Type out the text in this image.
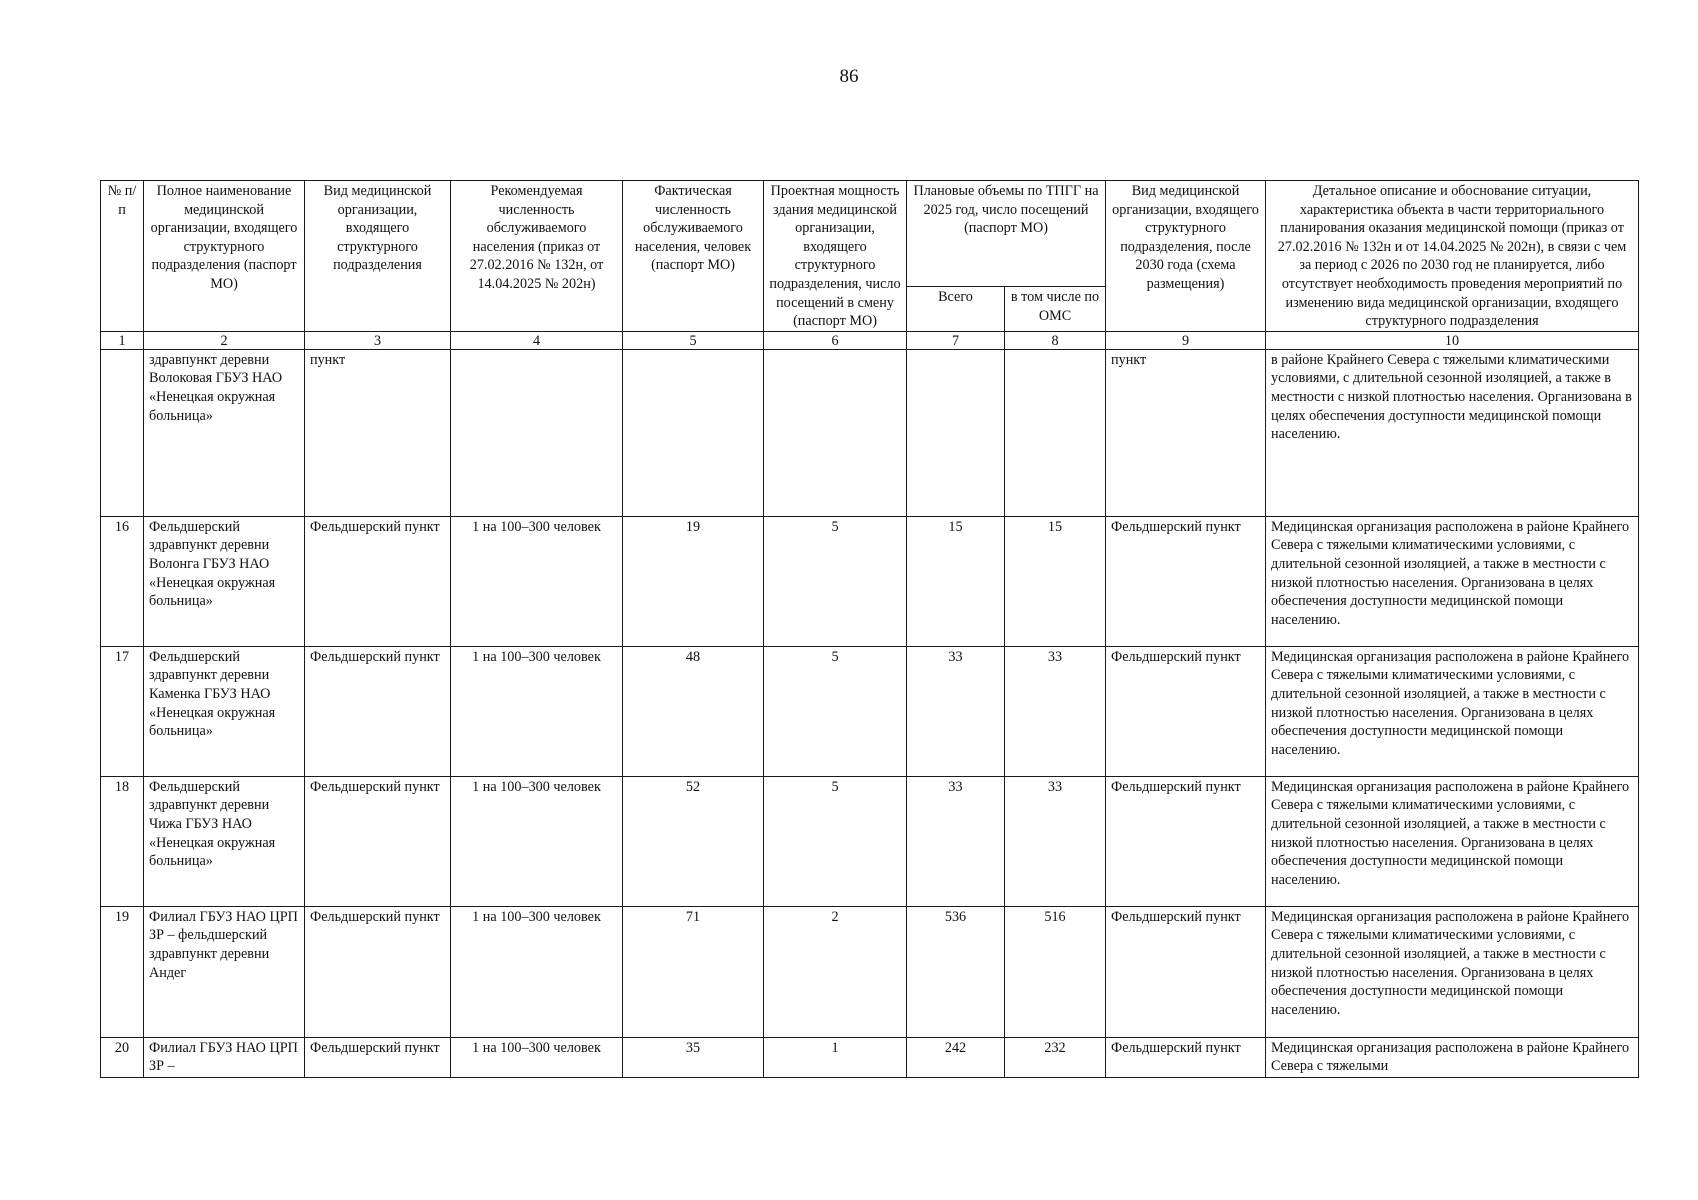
86
№ п/ п	Полное наименование медицинской организации, входящего структурного подразделения (паспорт МО)	Вид медицинской организации, входящего структурного подразделения	Рекомендуемая численность обслуживаемого населения (приказ от 27.02.2016 № 132н, от 14.04.2025 № 202н)	Фактическая численность обслуживаемого населения, человек (паспорт МО)	Проектная мощность здания медицинской организации, входящего структурного подразделения, число посещений в смену (паспорт МО)	Плановые объемы по ТПГГ на 2025 год, число посещений (паспорт МО)		Вид медицинской организации, входящего структурного подразделения, после 2030 года (схема размещения)	Детальное описание и обоснование ситуации, характеристика объекта в части территориального планирования оказания медицинской помощи (приказ от 27.02.2016 № 132н и от 14.04.2025 № 202н), в связи с чем за период с 2026 по 2030 год не планируется, либо отсутствует необходимость проведения мероприятий по изменению вида медицинской организации, входящего структурного подразделения
						Всего	в том числе по ОМС		
1	2	3	4	5	6	7	8	9	10
	здравпункт деревни Волоковая ГБУЗ НАО «Ненецкая окружная больница»	пункт						пункт	в районе Крайнего Севера с тяжелыми климатическими условиями, с длительной сезонной изоляцией, а также в местности с низкой плотностью населения. Организована в целях обеспечения доступности медицинской помощи населению.
16	Фельдшерский здравпункт деревни Волонга ГБУЗ НАО «Ненецкая окружная больница»	Фельдшерский пункт	1 на 100–300 человек	19	5	15	15	Фельдшерский пункт	Медицинская организация расположена в районе Крайнего Севера с тяжелыми климатическими условиями, с длительной сезонной изоляцией, а также в местности с низкой плотностью населения. Организована в целях обеспечения доступности медицинской помощи населению.
17	Фельдшерский здравпункт деревни Каменка ГБУЗ НАО «Ненецкая окружная больница»	Фельдшерский пункт	1 на 100–300 человек	48	5	33	33	Фельдшерский пункт	Медицинская организация расположена в районе Крайнего Севера с тяжелыми климатическими условиями, с длительной сезонной изоляцией, а также в местности с низкой плотностью населения. Организована в целях обеспечения доступности медицинской помощи населению.
18	Фельдшерский здравпункт деревни Чижа ГБУЗ НАО «Ненецкая окружная больница»	Фельдшерский пункт	1 на 100–300 человек	52	5	33	33	Фельдшерский пункт	Медицинская организация расположена в районе Крайнего Севера с тяжелыми климатическими условиями, с длительной сезонной изоляцией, а также в местности с низкой плотностью населения. Организована в целях обеспечения доступности медицинской помощи населению.
19	Филиал ГБУЗ НАО ЦРП ЗР – фельдшерский здравпункт деревни Андег	Фельдшерский пункт	1 на 100–300 человек	71	2	536	516	Фельдшерский пункт	Медицинская организация расположена в районе Крайнего Севера с тяжелыми климатическими условиями, с длительной сезонной изоляцией, а также в местности с низкой плотностью населения. Организована в целях обеспечения доступности медицинской помощи населению.
20	Филиал ГБУЗ НАО ЦРП ЗР –	Фельдшерский пункт	1 на 100–300 человек	35	1	242	232	Фельдшерский пункт	Медицинская организация расположена в районе Крайнего Севера с тяжелыми
